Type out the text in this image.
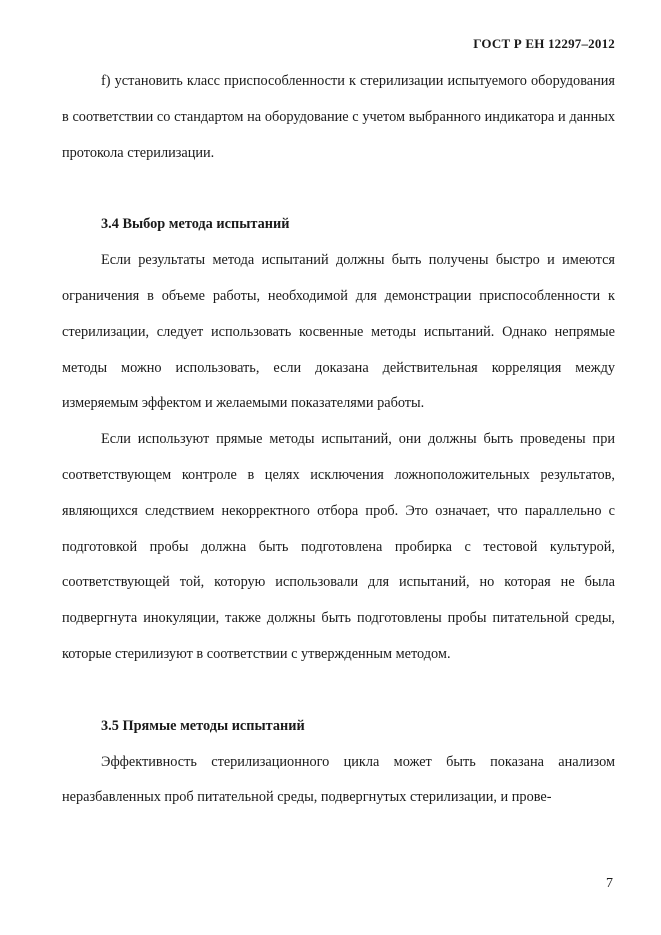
ГОСТ Р ЕН 12297–2012

f) установить класс приспособленности к стерилизации испытуемого оборудования в соответствии со стандартом на оборудование с учетом выбранного индикатора и данных протокола стерилизации.

3.4 Выбор метода испытаний

Если результаты метода испытаний должны быть получены быстро и имеются ограничения в объеме работы, необходимой для демонстрации приспособленности к стерилизации, следует использовать косвенные методы испытаний. Однако непрямые методы можно использовать, если доказана действительная корреляция между измеряемым эффектом и желаемыми показателями работы.

Если используют прямые методы испытаний, они должны быть проведены при соответствующем контроле в целях исключения ложноположительных результатов, являющихся следствием некорректного отбора проб. Это означает, что параллельно с подготовкой пробы должна быть подготовлена пробирка с тестовой культурой, соответствующей той, которую использовали для испытаний, но которая не была подвергнута инокуляции, также должны быть подготовлены пробы питательной среды, которые стерилизуют в соответствии с утвержденным методом.

3.5 Прямые методы испытаний

Эффективность стерилизационного цикла может быть показана анализом неразбавленных проб питательной среды, подвергнутых стерилизации, и прове-

7
